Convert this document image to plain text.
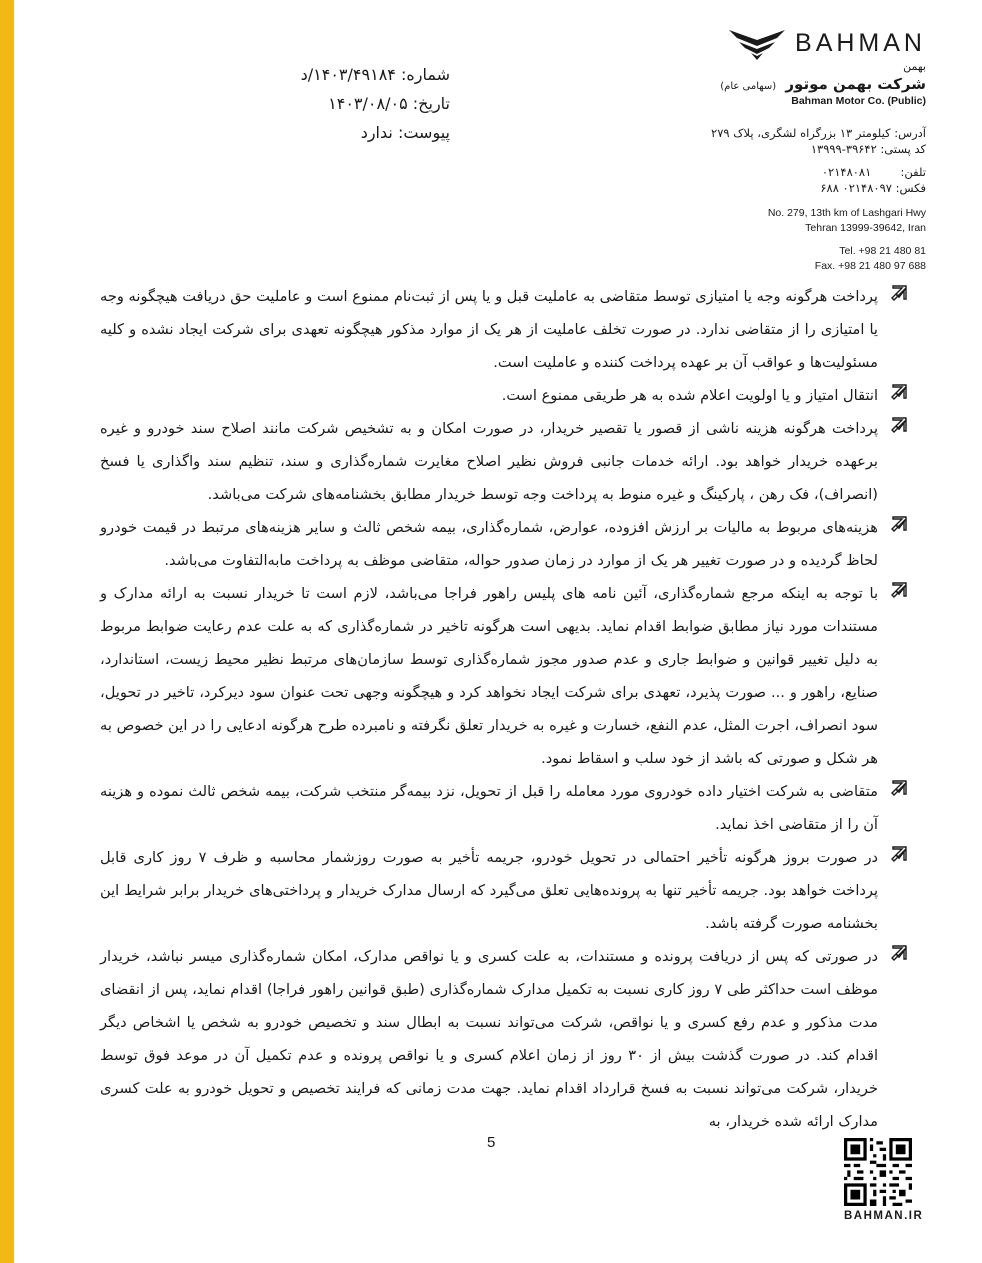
BAHMAN
بهمن
شرکت بهمن موتور (سهامی عام)
Bahman Motor Co. (Public)
آدرس: کیلومتر ۱۳ بزرگراه لشگری، پلاک ۲۷۹
کد پستی: ۳۹۶۴۲-۱۳۹۹۹
تلفن:        ۰۲۱۴۸۰۸۱
فکس: ۰۲۱۴۸۰۹۷ ۶۸۸
No. 279, 13th km of Lashgari Hwy
Tehran 13999-39642, Iran
Tel. +98 21 480 81
Fax. +98 21 480 97 688
شماره: ۱۴۰۳/۴۹۱۸۴/د
تاریخ: ۱۴۰۳/۰۸/۰۵
پیوست: ندارد

پرداخت هرگونه وجه یا امتیازی توسط متقاضی به عاملیت قبل و یا پس از ثبت‌نام ممنوع است و عاملیت حق دریافت هیچگونه وجه یا امتیازی را از متقاضی ندارد. در صورت تخلف عاملیت از هر یک از موارد مذکور هیچگونه تعهدی برای شرکت ایجاد نشده و کلیه مسئولیت‌ها و عواقب آن بر عهده پرداخت کننده و عاملیت است.

انتقال امتیاز و یا اولویت اعلام شده به هر طریقی ممنوع است.

پرداخت هرگونه هزینه ناشی از قصور یا تقصیر خریدار، در صورت امکان و به تشخیص شرکت مانند اصلاح سند خودرو و غیره برعهده خریدار خواهد بود. ارائه خدمات جانبی فروش نظیر اصلاح مغایرت شماره‌گذاری و سند، تنظیم سند واگذاری یا فسخ (انصراف)، فک رهن ، پارکینگ و غیره منوط به پرداخت وجه توسط خریدار مطابق بخشنامه‌های شرکت می‌باشد.

هزینه‌های مربوط به مالیات بر ارزش افزوده، عوارض، شماره‌گذاری، بیمه شخص ثالث و سایر هزینه‌های مرتبط در قیمت خودرو لحاظ گردیده و در صورت تغییر هر یک از موارد در زمان صدور حواله، متقاضی موظف به پرداخت مابه‌التفاوت می‌باشد.

با توجه به اینکه مرجع شماره‌گذاری، آئین نامه های پلیس راهور فراجا می‌باشد، لازم است تا خریدار نسبت به ارائه مدارک و مستندات مورد نیاز مطابق ضوابط اقدام نماید. بدیهی است هرگونه تاخیر در شماره‌گذاری که به علت عدم رعایت ضوابط مربوط به دلیل تغییر قوانین و ضوابط جاری و عدم صدور مجوز شماره‌گذاری توسط سازمان‌های مرتبط نظیر محیط زیست، استاندارد، صنایع، راهور و ... صورت پذیرد، تعهدی برای شرکت ایجاد نخواهد کرد و هیچگونه وجهی تحت عنوان سود دیرکرد، تاخیر در تحویل، سود انصراف، اجرت المثل، عدم النفع، خسارت و غیره به خریدار تعلق نگرفته و نامبرده طرح هرگونه ادعایی را در این خصوص به هر شکل و صورتی که باشد از خود سلب و اسقاط نمود.

متقاضی به شرکت اختیار داده خودروی مورد معامله را قبل از تحویل، نزد بیمه‌گر منتخب شرکت، بیمه شخص ثالث نموده و هزینه آن را از متقاضی اخذ نماید.

در صورت بروز هرگونه تأخیر احتمالی در تحویل خودرو، جریمه تأخیر به صورت روزشمار محاسبه و ظرف ۷ روز کاری قابل پرداخت خواهد بود. جریمه تأخیر تنها به پرونده‌هایی تعلق می‌گیرد که ارسال مدارک خریدار و پرداختی‌های خریدار برابر شرایط این بخشنامه صورت گرفته باشد.

در صورتی که پس از دریافت پرونده و مستندات، به علت کسری و یا نواقص مدارک، امکان شماره‌گذاری میسر نباشد، خریدار موظف است حداکثر طی ۷ روز کاری نسبت به تکمیل مدارک شماره‌گذاری (طبق قوانین راهور فراجا) اقدام نماید، پس از انقضای مدت مذکور و عدم رفع کسری و یا نواقص، شرکت می‌تواند نسبت به ابطال سند و تخصیص خودرو به شخص یا اشخاص دیگر اقدام کند. در صورت گذشت بیش از ۳۰ روز از زمان اعلام کسری و یا نواقص پرونده و عدم تکمیل آن در موعد فوق توسط خریدار، شرکت می‌تواند نسبت به فسخ قرارداد اقدام نماید. جهت مدت زمانی که فرایند تخصیص و تحویل خودرو به علت کسری مدارک ارائه شده خریدار، به

5
BAHMAN.IR
